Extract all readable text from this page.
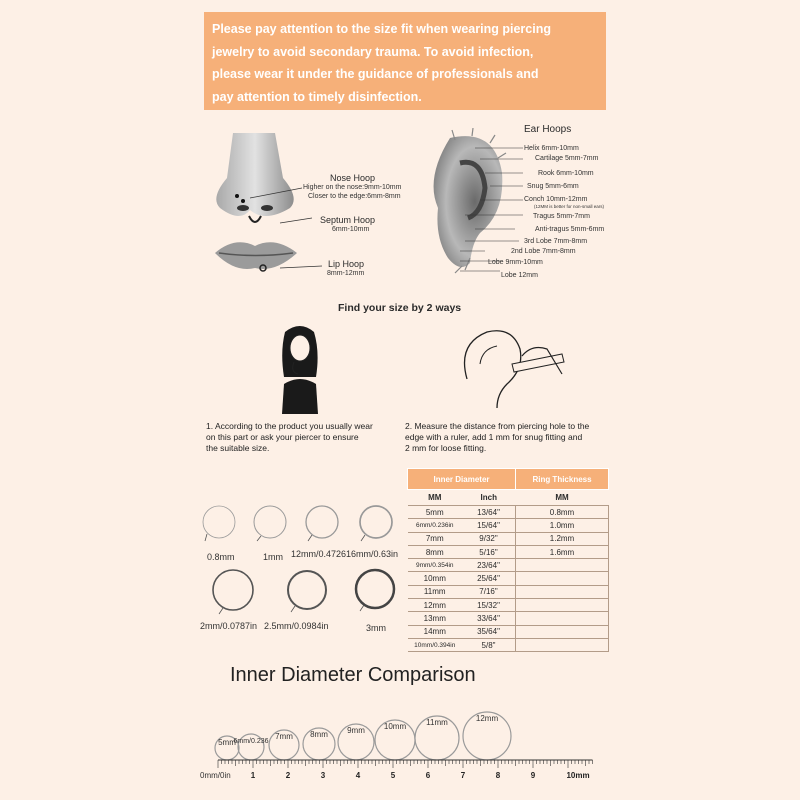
Please pay attention to the size fit when wearing piercing
jewelry to avoid secondary trauma. To avoid infection,
please wear it under the guidance of professionals and
pay attention to timely disinfection.
Nose Hoop
Higher on the nose:9mm-10mm
Closer to the edge:6mm-8mm
Septum Hoop
6mm-10mm
Lip Hoop
8mm-12mm
Ear Hoops
Helix 6mm-10mm
Cartilage 5mm-7mm
Rook 6mm-10mm
Snug 5mm-6mm
Conch 10mm-12mm
(12MM is better for non-small ears)
Tragus 5mm-7mm
Anti-tragus 5mm-6mm
3rd Lobe 7mm-8mm
2nd Lobe 7mm-8mm
Lobe 9mm-10mm
Lobe 12mm
Find your size by 2 ways
1. According to the product you usually wear
on this part or ask your piercer to ensure
the suitable size.
2. Measure the distance from piercing hole to the
edge with a ruler, add 1 mm for snug fitting and
2 mm for loose fitting.
0.8mm	1mm 12mm/0.4726 16mm/0.63in
2mm/0.0787in 2.5mm/0.0984in	3mm
Inner Diameter		Ring Thickness
MM	Inch	MM
5mm	13/64"	0.8mm
6mm/0.236in	15/64"	1.0mm
7mm	9/32"	1.2mm
8mm	5/16"	1.6mm
9mm/0.354in	23/64"	
10mm	25/64"	
11mm	7/16"	
12mm	15/32"	
13mm	33/64"	
14mm	35/64"	
10mm/0.394in	5/8"	
Inner Diameter Comparison
5mm
6mm/0.236
7mm 8mm 9mm 10mm	11mm	12mm
0mm/0in	1	2	3	4	5	6	7	8	9	10mm
